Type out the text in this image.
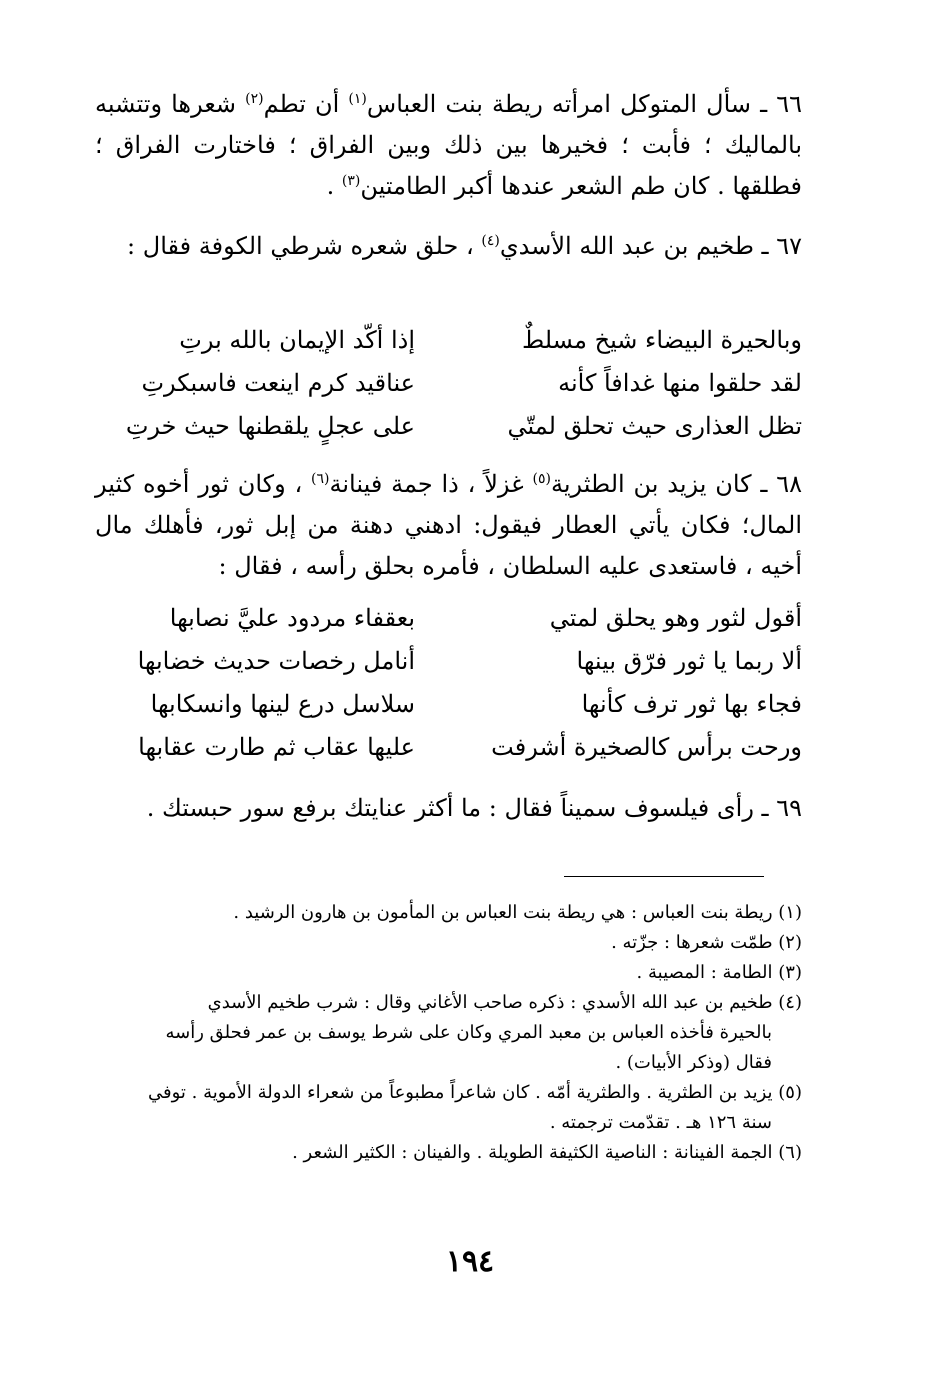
٦٦ ـ سأل المتوكل امرأته ريطة بنت العباس$^{(١)}$ أن تطم$^{(٢)}$ شعرها وتتشبه بالماليك ؛ فأبت ؛ فخيرها بين ذلك وبين الفراق ؛ فاختارت الفراق ؛ فطلقها . كان طم الشعر عندها أكبر الطامتين$^{(٣)}$ .

٦٧ ـ طخيم بن عبد الله الأسدي$^{(٤)}$ ، حلق شعره شرطي الكوفة فقال :

وبالحيرة البيضاء شيخ مسلطٌ
إذا أكّد الإيمان بالله برتِ
لقد حلقوا منها غدافاً كأنه
عناقيد كرم اينعت فاسبكرتِ
تظل العذارى حيث تحلق لمتّي
على عجلٍ يلقطنها حيث خرتِ

٦٨ ـ كان يزيد بن الطثرية$^{(٥)}$ غزلاً ، ذا جمة فينانة$^{(٦)}$ ، وكان ثور أخوه كثير المال؛ فكان يأتي العطار فيقول: ادهني دهنة من إبل ثور، فأهلك مال أخيه ، فاستعدى عليه السلطان ، فأمره بحلق رأسه ، فقال :

أقول لثور وهو يحلق لمتي
بعقفاء مردود عليَّ نصابها
ألا ربما يا ثور فرّق بينها
أنامل رخصات حديث خضابها
فجاء بها ثور ترف كأنها
سلاسل درع لينها وانسكابها
ورحت برأس كالصخيرة أشرفت
عليها عقاب ثم طارت عقابها

٦٩ ـ رأى فيلسوف سميناً فقال : ما أكثر عنايتك برفع سور حبستك .

(١) ريطة بنت العباس : هي ريطة بنت العباس بن المأمون بن هارون الرشيد .
(٢) طمّت شعرها : جزّته .
(٣) الطامة : المصيبة .
(٤) طخيم بن عبد الله الأسدي : ذكره صاحب الأغاني وقال : شرب طخيم الأسدي
بالحيرة فأخذه العباس بن معبد المري وكان على شرط يوسف بن عمر فحلق رأسه
فقال (وذكر الأبيات) .
(٥) يزيد بن الطثرية . والطثرية أمّه . كان شاعراً مطبوعاً من شعراء الدولة الأموية . توفي
سنة ١٢٦ هـ . تقدّمت ترجمته .
(٦) الجمة الفينانة : الناصية الكثيفة الطويلة . والفينان : الكثير الشعر .
١٩٤
